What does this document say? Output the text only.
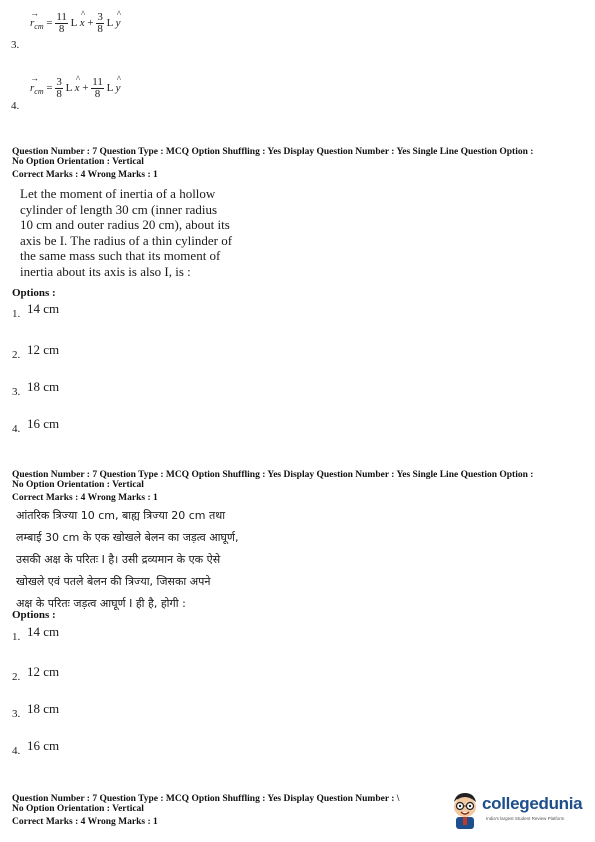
→
$r_{cm} = \frac{11}{8}$ L
^
$x + \frac{3}{8}$ L
^
y
3.
→
$r_{cm} = \frac{3}{8}$ L
^
$x + \frac{11}{8}$ L
^
y
4.
Question Number : 7 Question Type : MCQ Option Shuffling : Yes Display Question Number : Yes Single Line Question Option :
No Option Orientation : Vertical
Correct Marks : 4 Wrong Marks : 1
Let the moment of inertia of a hollow
cylinder of length 30 cm (inner radius
10 cm and outer radius 20 cm), about its
axis be I. The radius of a thin cylinder of
the same mass such that its moment of
inertia about its axis is also I, is :
Options :
1. 14 cm
2. 12 cm
3. 18 cm
4. 16 cm
Question Number : 7 Question Type : MCQ Option Shuffling : Yes Display Question Number : Yes Single Line Question Option :
No Option Orientation : Vertical
Correct Marks : 4 Wrong Marks : 1
आंतरिक त्रिज्या 10 cm, बाह्य त्रिज्या 20 cm तथा
लम्बाई 30 cm के एक खोखले बेलन का जड़त्व आघूर्ण,
उसकी अक्ष के परितः I है। उसी द्रव्यमान के एक ऐसे
खोखले एवं पतले बेलन की त्रिज्या, जिसका अपने
अक्ष के परितः जड़त्व आघूर्ण I ही है, होगी :
Options :
1. 14 cm
2. 12 cm
3. 18 cm
4. 16 cm
Question Number : 7 Question Type : MCQ Option Shuffling : Yes Display Question Number : \
No Option Orientation : Vertical
Correct Marks : 4 Wrong Marks : 1
collegedunia
India's largest Student Review Platform
